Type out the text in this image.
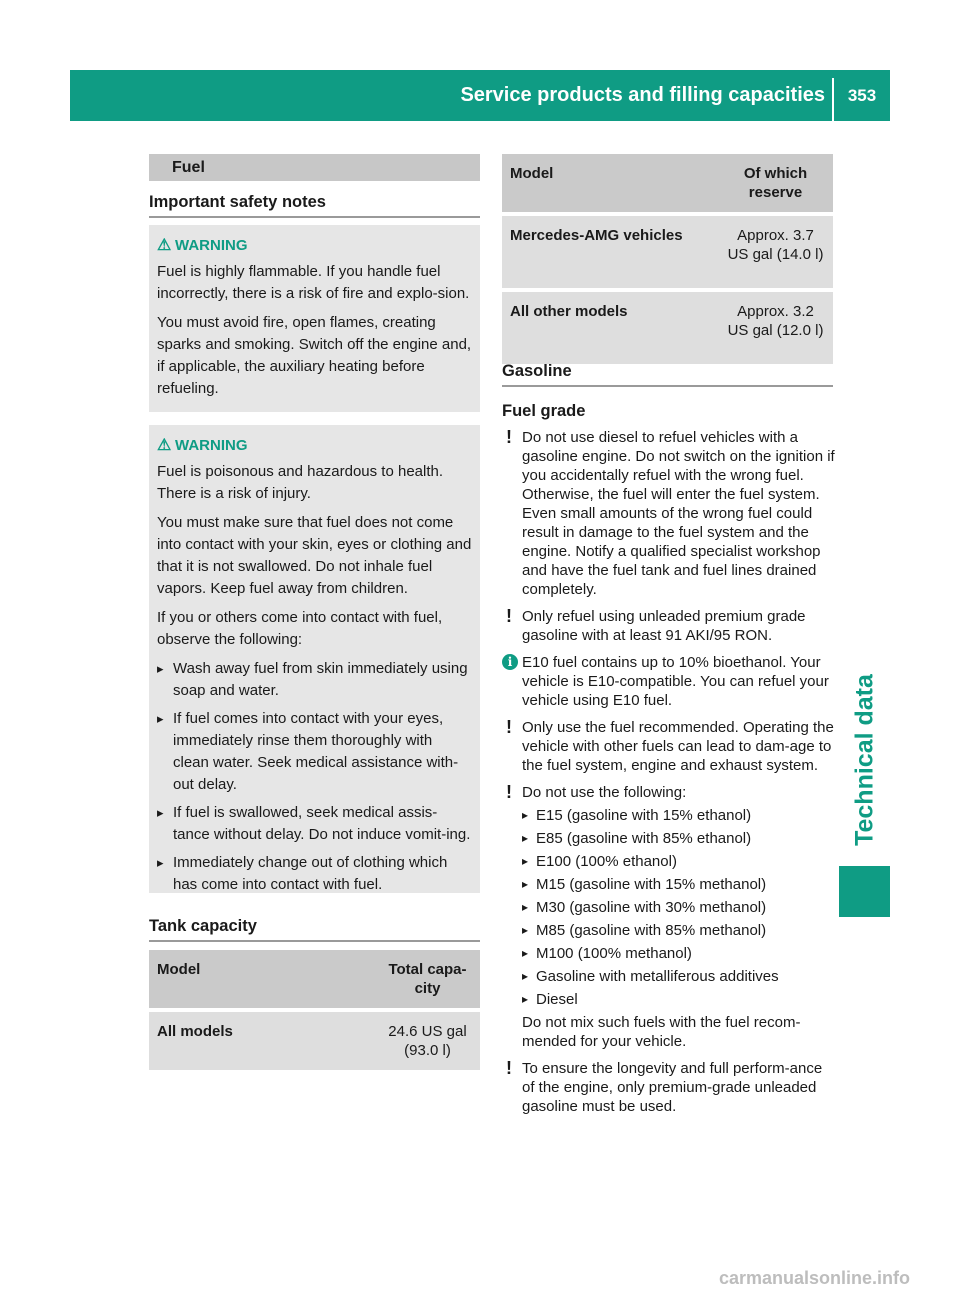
Service products and filling capacities	353
Technical data
Fuel
Important safety notes
⚠ WARNING

Fuel is highly flammable. If you handle fuel incorrectly, there is a risk of fire and explo-sion.

You must avoid fire, open flames, creating sparks and smoking. Switch off the engine and, if applicable, the auxiliary heating before refueling.

⚠ WARNING

Fuel is poisonous and hazardous to health. There is a risk of injury.

You must make sure that fuel does not come into contact with your skin, eyes or clothing and that it is not swallowed. Do not inhale fuel vapors. Keep fuel away from children.

If you or others come into contact with fuel, observe the following:

▸ Wash away fuel from skin immediately using soap and water.
▸ If fuel comes into contact with your eyes, immediately rinse them thoroughly with clean water. Seek medical assistance with-out delay.
▸ If fuel is swallowed, seek medical assis-tance without delay. Do not induce vomit-ing.
▸ Immediately change out of clothing which has come into contact with fuel.
Tank capacity
Model	Total capa-city
All models	24.6 US gal (93.0 l)
Model	Of which reserve
Mercedes-AMG vehicles	Approx. 3.7 US gal (14.0 l)
All other models	Approx. 3.2 US gal (12.0 l)
Gasoline
Fuel grade
! Do not use diesel to refuel vehicles with a gasoline engine. Do not switch on the ignition if you accidentally refuel with the wrong fuel. Otherwise, the fuel will enter the fuel system. Even small amounts of the wrong fuel could result in damage to the fuel system and the engine. Notify a qualified specialist workshop and have the fuel tank and fuel lines drained completely.
! Only refuel using unleaded premium grade gasoline with at least 91 AKI/95 RON.
i E10 fuel contains up to 10% bioethanol. Your vehicle is E10-compatible. You can refuel your vehicle using E10 fuel.
! Only use the fuel recommended. Operating the vehicle with other fuels can lead to dam-age to the fuel system, engine and exhaust system.
! Do not use the following:
▸ E15 (gasoline with 15% ethanol)
▸ E85 (gasoline with 85% ethanol)
▸ E100 (100% ethanol)
▸ M15 (gasoline with 15% methanol)
▸ M30 (gasoline with 30% methanol)
▸ M85 (gasoline with 85% methanol)
▸ M100 (100% methanol)
▸ Gasoline with metalliferous additives
▸ Diesel
Do not mix such fuels with the fuel recom-mended for your vehicle.
! To ensure the longevity and full perform-ance of the engine, only premium-grade unleaded gasoline must be used.
carmanualsonline.info
